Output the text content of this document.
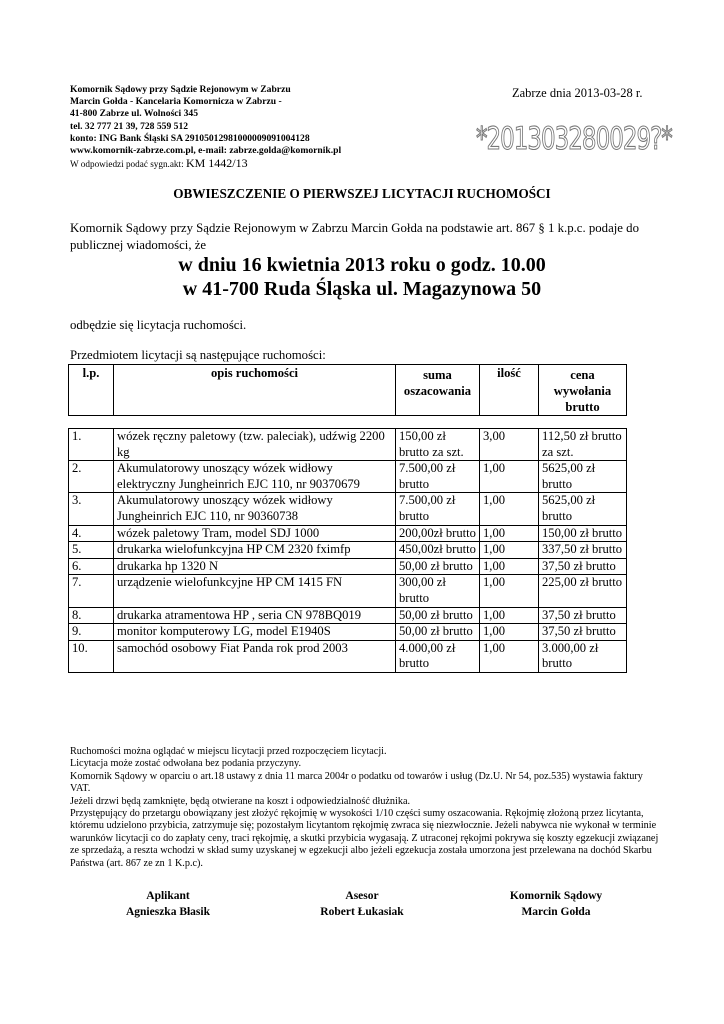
Komornik Sądowy przy Sądzie Rejonowym w Zabrzu
Marcin Gołda - Kancelaria Komornicza w Zabrzu -
41-800 Zabrze ul. Wolności 345
tel. 32 777 21 39, 728 559 512
konto: ING Bank Śląski SA 29105012981000009091004128
www.komornik-zabrze.com.pl, e-mail: zabrze.golda@komornik.pl
W odpowiedzi podać sygn.akt: KM 1442/13
Zabrze dnia 2013-03-28 r.
*201303280029?*
OBWIESZCZENIE O PIERWSZEJ LICYTACJI RUCHOMOŚCI
Komornik Sądowy przy Sądzie Rejonowym w Zabrzu Marcin Gołda na podstawie art. 867 § 1 k.p.c. podaje do publicznej wiadomości, że
w dniu 16 kwietnia 2013 roku o godz. 10.00
w 41-700 Ruda Śląska ul. Magazynowa 50
odbędzie się licytacja ruchomości.
Przedmiotem licytacji są następujące ruchomości:
l.p.	opis ruchomości	suma oszacowania	ilość	cena wywołania brutto
1.	wózek ręczny paletowy (tzw. paleciak), udźwig 2200 kg	150,00 zł brutto za szt.	3,00	112,50 zł brutto za szt.
2.	Akumulatorowy unoszący wózek widłowy elektryczny Jungheinrich EJC 110, nr 90370679	7.500,00 zł brutto	1,00	5625,00 zł brutto
3.	Akumulatorowy unoszący wózek widłowy Jungheinrich EJC 110, nr 90360738	7.500,00 zł brutto	1,00	5625,00 zł brutto
4.	wózek paletowy Tram, model SDJ 1000	200,00zł brutto	1,00	150,00 zł brutto
5.	drukarka wielofunkcyjna HP CM 2320 fximfp	450,00zł brutto	1,00	337,50 zł brutto
6.	drukarka hp 1320 N	50,00 zł brutto	1,00	37,50 zł brutto
7.	urządzenie wielofunkcyjne HP CM 1415 FN	300,00 zł brutto	1,00	225,00 zł brutto
8.	drukarka atramentowa HP , seria CN 978BQ019	50,00 zł brutto	1,00	37,50 zł brutto
9.	monitor komputerowy LG, model E1940S	50,00 zł brutto	1,00	37,50 zł brutto
10.	samochód osobowy Fiat Panda rok prod 2003	4.000,00 zł brutto	1,00	3.000,00 zł brutto
Ruchomości można oglądać w miejscu licytacji przed rozpoczęciem licytacji.
Licytacja może zostać odwołana bez podania przyczyny.
Komornik Sądowy w oparciu o art.18 ustawy z dnia 11 marca 2004r o podatku od towarów i usług (Dz.U. Nr 54, poz.535) wystawia faktury VAT.
Jeżeli drzwi będą zamknięte, będą otwierane na koszt i odpowiedzialność dłużnika.
Przystępujący do przetargu obowiązany jest złożyć rękojmię w wysokości 1/10 części sumy oszacowania. Rękojmię złożoną przez licytanta, któremu udzielono przybicia, zatrzymuje się; pozostałym licytantom rękojmię zwraca się niezwłocznie. Jeżeli nabywca nie wykonał w terminie warunków licytacji co do zapłaty ceny, traci rękojmię, a skutki przybicia wygasają. Z utraconej rękojmi pokrywa się koszty egzekucji związanej ze sprzedażą, a reszta wchodzi w skład sumy uzyskanej w egzekucji albo jeżeli egzekucja została umorzona jest przelewana na dochód Skarbu Państwa (art. 867 ze zn 1 K.p.c).
Aplikant
Agnieszka Błasik
Asesor
Robert Łukasiak
Komornik Sądowy
Marcin Gołda
